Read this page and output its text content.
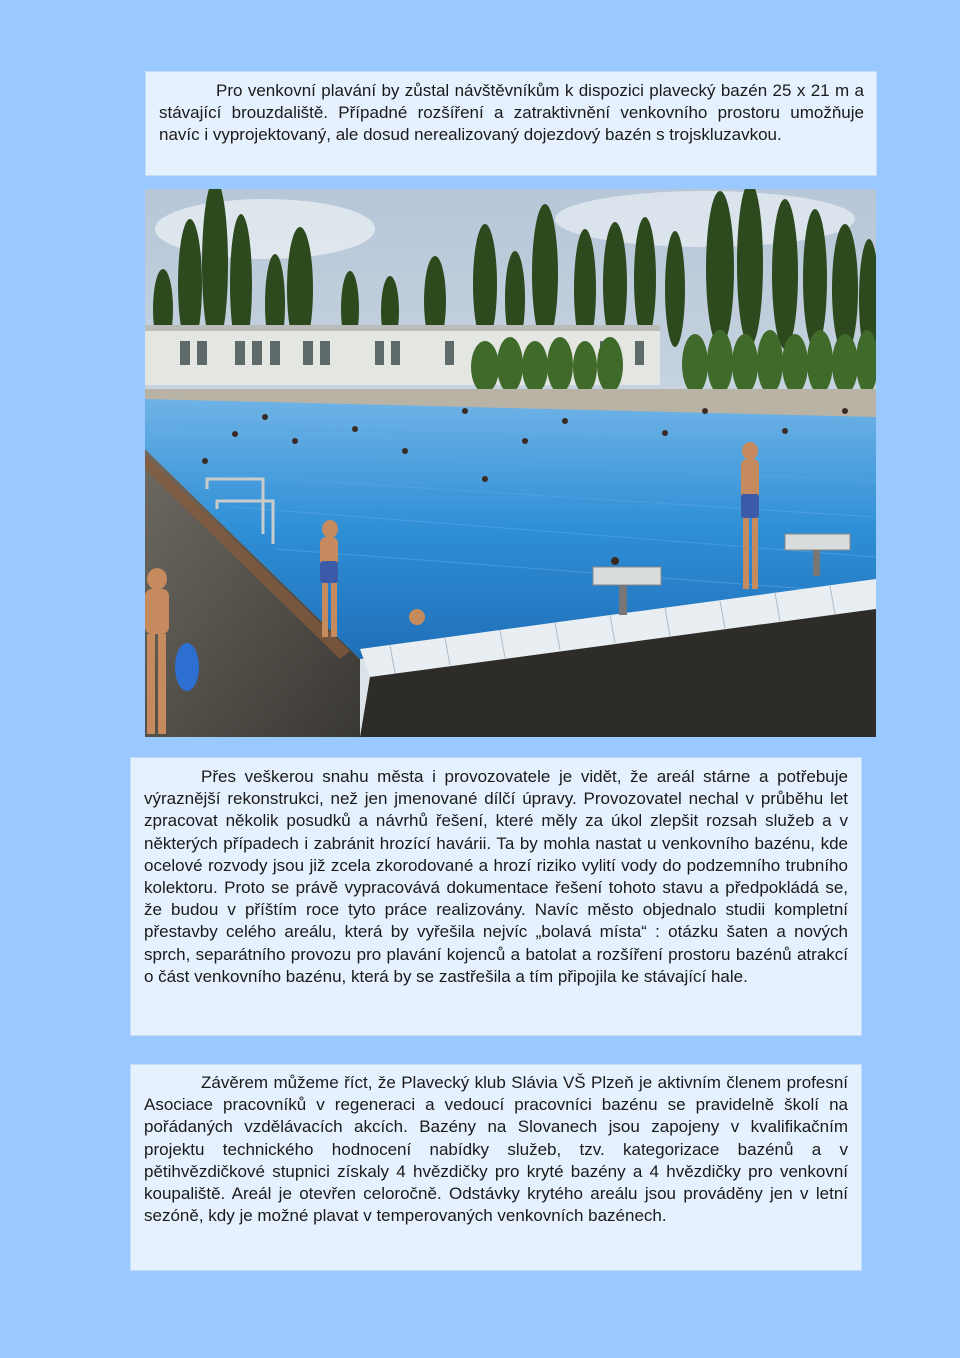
Pro venkovní plavání by zůstal návštěvníkům k dispozici plavecký bazén 25 x 21 m a stávající brouzdaliště. Případné rozšíření a zatraktivnění venkovního prostoru umožňuje navíc i vyprojektovaný, ale dosud nerealizovaný dojezdový bazén s trojskluzavkou.

Přes veškerou snahu města i provozovatele je vidět, že areál stárne a potřebuje výraznější rekonstrukci, než jen jmenované dílčí úpravy. Provozovatel nechal v průběhu let zpracovat několik posudků a návrhů řešení, které měly za úkol zlepšit rozsah služeb a v některých případech i zabránit hrozící havárii. Ta by mohla nastat u venkovního bazénu, kde ocelové rozvody jsou již zcela zkorodované a hrozí riziko vylití vody do podzemního trubního kolektoru. Proto se právě vypracovává dokumentace řešení tohoto stavu a předpokládá se, že budou v příštím roce tyto práce realizovány. Navíc město objednalo studii kompletní přestavby celého areálu, která by vyřešila nejvíc „bolavá místa“ : otázku šaten a nových sprch, separátního provozu pro plavání kojenců a batolat a rozšíření prostoru bazénů atrakcí o část venkovního bazénu, která by se zastřešila a tím připojila ke stávající hale.

Závěrem můžeme říct, že Plavecký klub Slávia VŠ Plzeň je aktivním členem profesní Asociace pracovníků v regeneraci a vedoucí pracovníci bazénu se pravidelně školí na pořádaných vzdělávacích akcích. Bazény na Slovanech jsou zapojeny v kvalifikačním projektu technického hodnocení nabídky služeb, tzv. kategorizace bazénů a v pětihvězdičkové stupnici získaly 4 hvězdičky pro kryté bazény a 4 hvězdičky pro venkovní koupaliště. Areál je otevřen celoročně. Odstávky krytého areálu jsou prováděny jen v letní sezóně, kdy je možné plavat v temperovaných venkovních bazénech.
